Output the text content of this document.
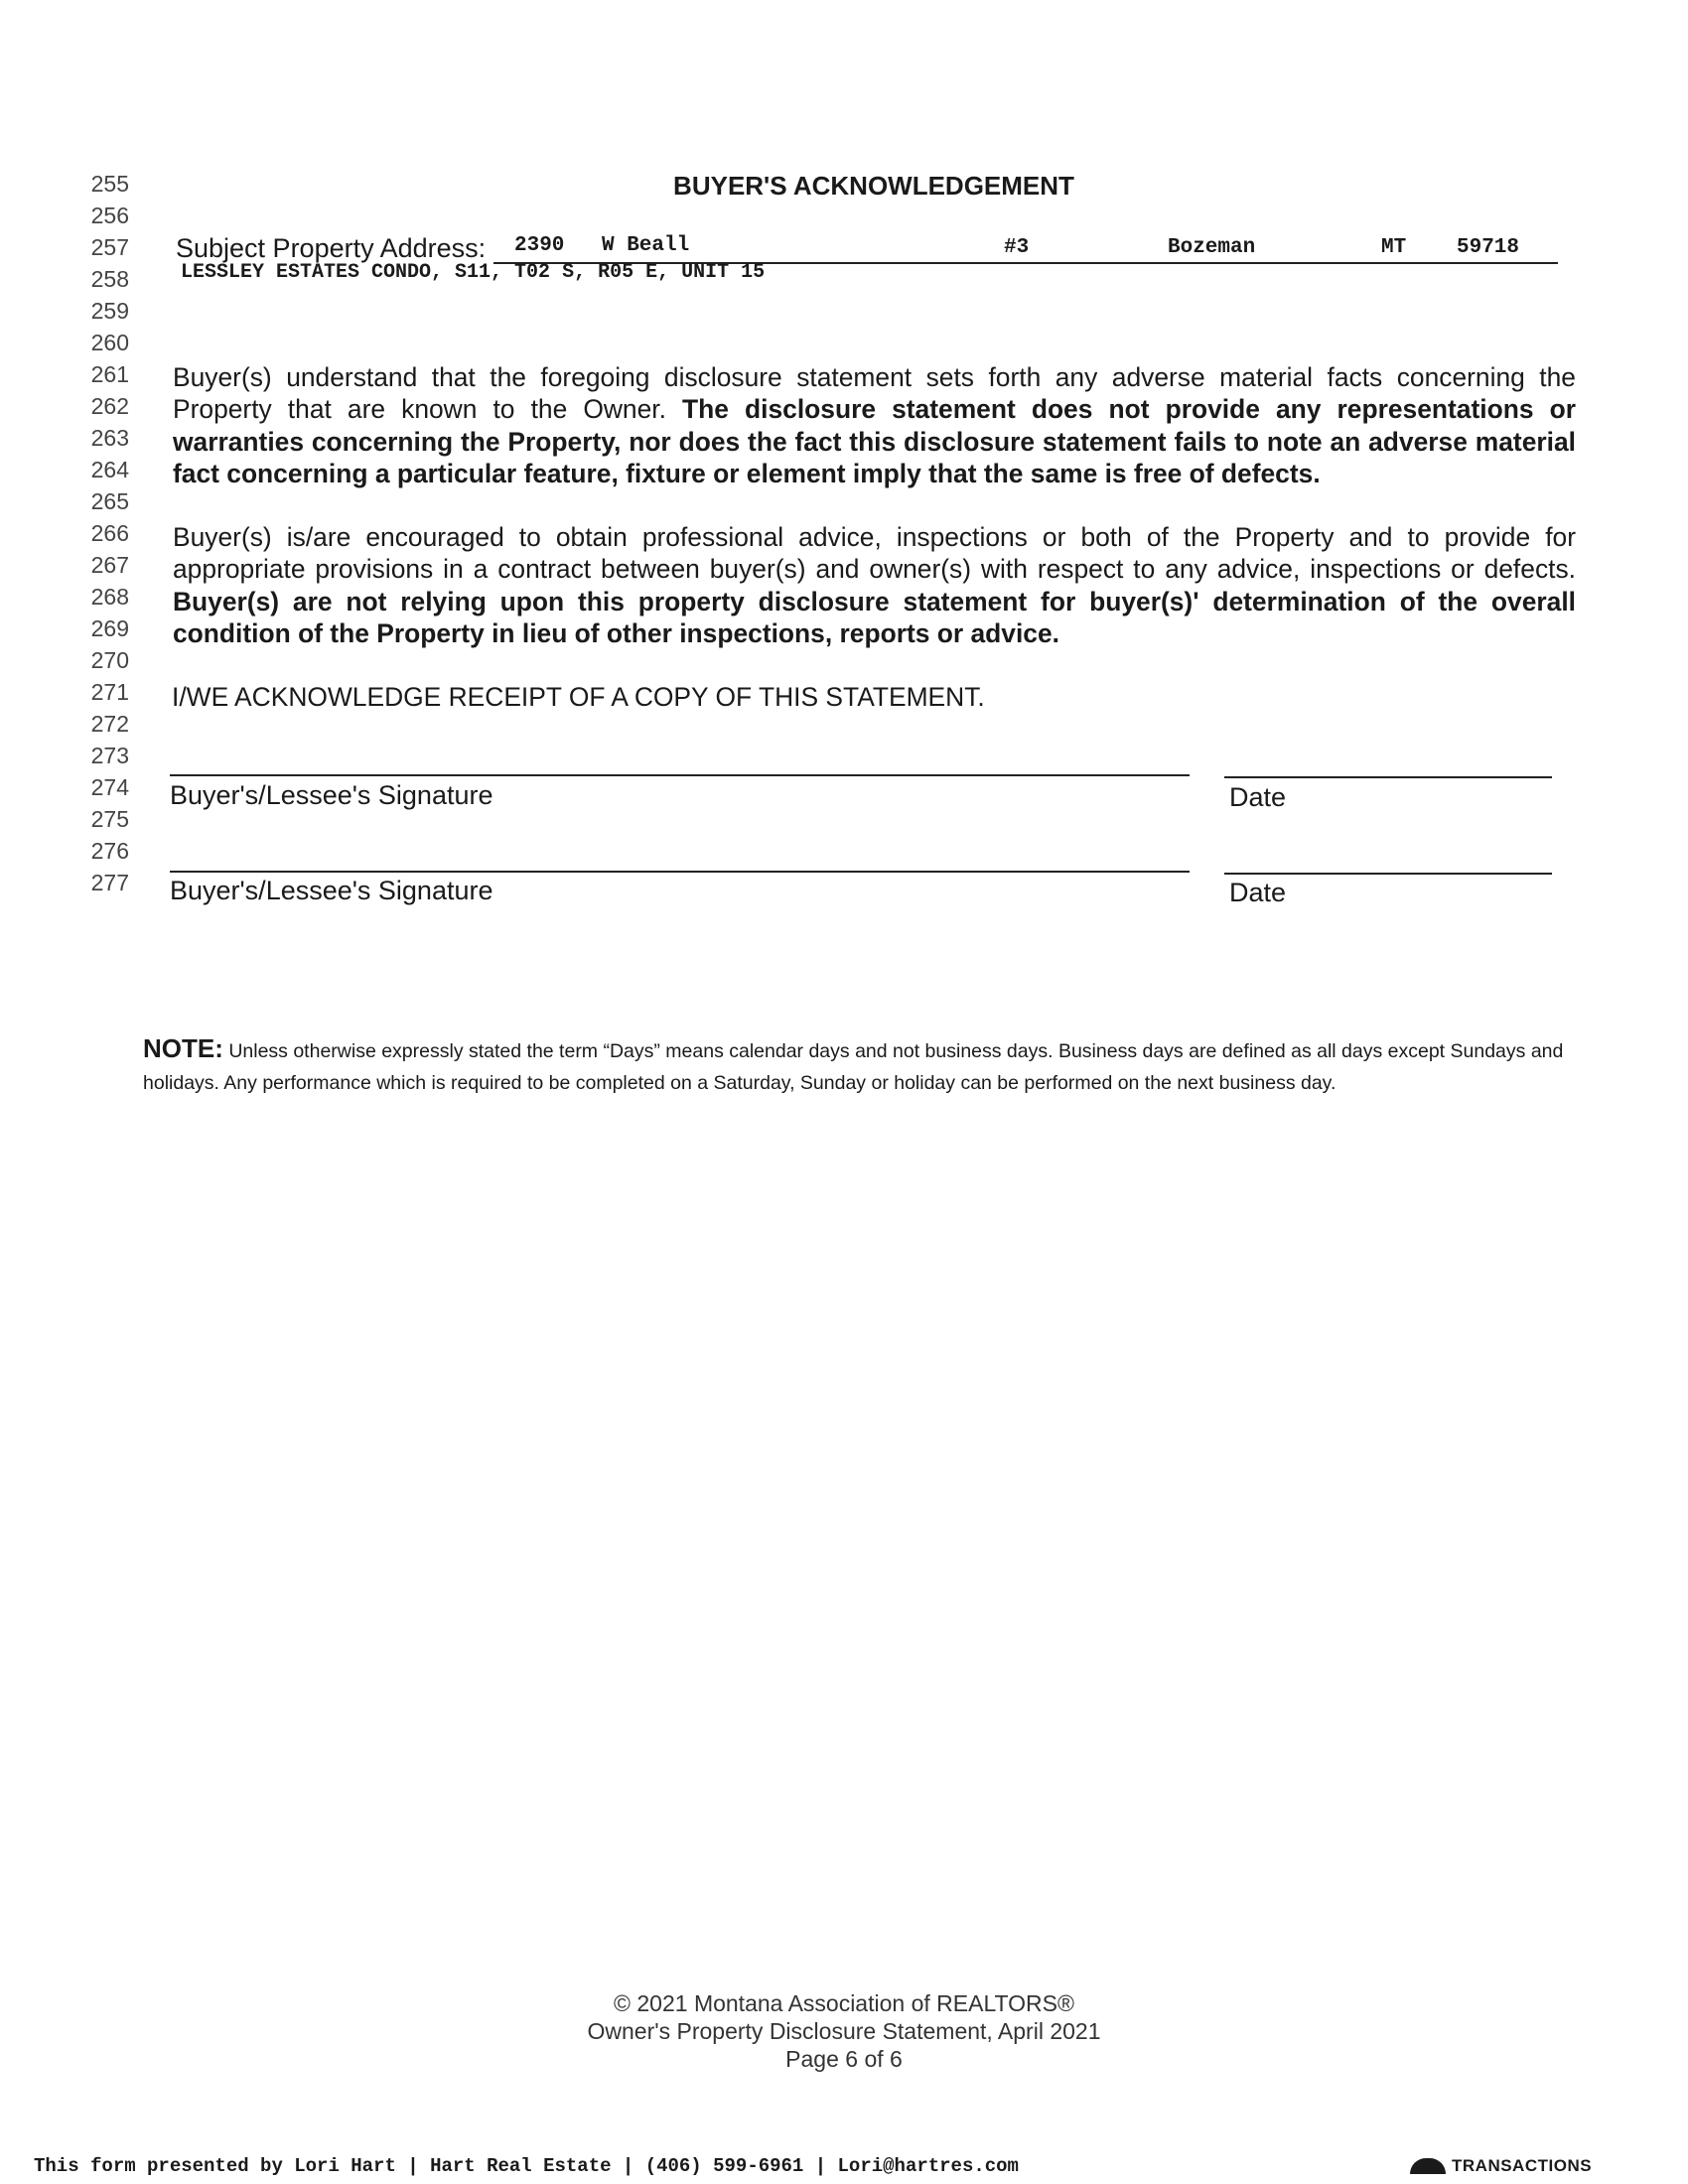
255
256
257
258
259
260
261
262
263
264
265
266
267
268
269
270
271
272
273
274
275
276
277
BUYER'S ACKNOWLEDGEMENT
Subject Property Address: 2390 W Beall	#3	Bozeman	MT 59718
LESSLEY ESTATES CONDO, S11, T02 S, R05 E, UNIT 15
Buyer(s) understand that the foregoing disclosure statement sets forth any adverse material facts concerning the Property that are known to the Owner. The disclosure statement does not provide any representations or warranties concerning the Property, nor does the fact this disclosure statement fails to note an adverse material fact concerning a particular feature, fixture or element imply that the same is free of defects.
Buyer(s) is/are encouraged to obtain professional advice, inspections or both of the Property and to provide for appropriate provisions in a contract between buyer(s) and owner(s) with respect to any advice, inspections or defects. Buyer(s) are not relying upon this property disclosure statement for buyer(s)' determination of the overall condition of the Property in lieu of other inspections, reports or advice.
I/WE ACKNOWLEDGE RECEIPT OF A COPY OF THIS STATEMENT.
Buyer's/Lessee's Signature	Date
Buyer's/Lessee's Signature	Date
NOTE: Unless otherwise expressly stated the term “Days” means calendar days and not business days. Business days are defined as all days except Sundays and holidays. Any performance which is required to be completed on a Saturday, Sunday or holiday can be performed on the next business day.
© 2021 Montana Association of REALTORS®
Owner's Property Disclosure Statement, April 2021
Page 6 of 6
This form presented by Lori Hart | Hart Real Estate | (406) 599-6961 | Lori@hartres.com	TRANSACTIONS
